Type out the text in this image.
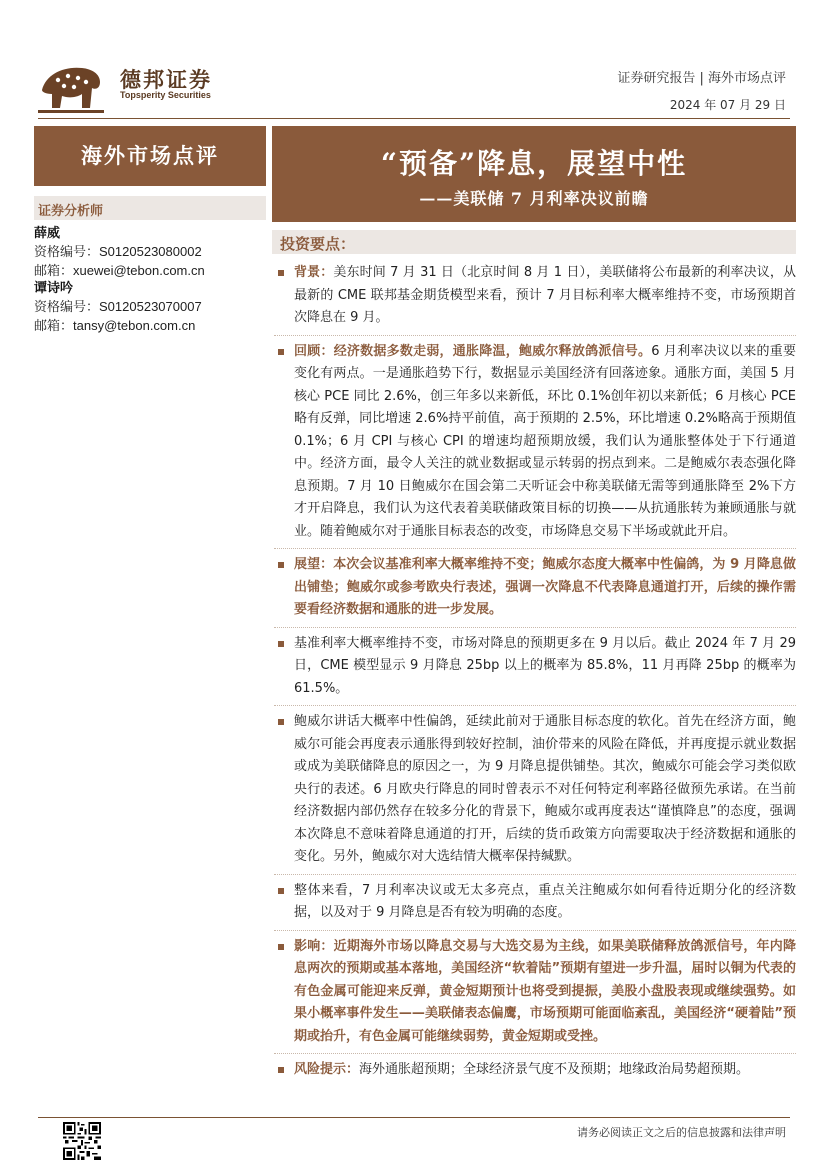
德邦证券
Topsperity Securities
证券研究报告 | 海外市场点评
2024 年 07 月 29 日
海外市场点评
证券分析师
薛威
资格编号：S0120523080002
邮箱：xuewei@tebon.com.cn
谭诗吟
资格编号：S0120523070007
邮箱：tansy@tebon.com.cn
“预备”降息，展望中性
——美联储 7 月利率决议前瞻
投资要点：
背景：美东时间 7 月 31 日（北京时间 8 月 1 日），美联储将公布最新的利率决议，从最新的 CME 联邦基金期货模型来看，预计 7 月目标利率大概率维持不变，市场预期首次降息在 9 月。
回顾：经济数据多数走弱，通胀降温，鲍威尔释放鸽派信号。6 月利率决议以来的重要变化有两点。一是通胀趋势下行，数据显示美国经济有回落迹象。通胀方面，美国 5 月核心 PCE 同比 2.6%，创三年多以来新低，环比 0.1%创年初以来新低；6 月核心 PCE 略有反弹，同比增速 2.6%持平前值，高于预期的 2.5%，环比增速 0.2%略高于预期值 0.1%；6 月 CPI 与核心 CPI 的增速均超预期放缓，我们认为通胀整体处于下行通道中。经济方面，最令人关注的就业数据或显示转弱的拐点到来。二是鲍威尔表态强化降息预期。7 月 10 日鲍威尔在国会第二天听证会中称美联储无需等到通胀降至 2%下方才开启降息，我们认为这代表着美联储政策目标的切换——从抗通胀转为兼顾通胀与就业。随着鲍威尔对于通胀目标表态的改变，市场降息交易下半场或就此开启。
展望：本次会议基准利率大概率维持不变；鲍威尔态度大概率中性偏鸽，为 9 月降息做出铺垫；鲍威尔或参考欧央行表述，强调一次降息不代表降息通道打开，后续的操作需要看经济数据和通胀的进一步发展。
基准利率大概率维持不变，市场对降息的预期更多在 9 月以后。截止 2024 年 7 月 29 日，CME 模型显示 9 月降息 25bp 以上的概率为 85.8%，11 月再降 25bp 的概率为 61.5%。
鲍威尔讲话大概率中性偏鸽，延续此前对于通胀目标态度的软化。首先在经济方面，鲍威尔可能会再度表示通胀得到较好控制，油价带来的风险在降低，并再度提示就业数据或成为美联储降息的原因之一，为 9 月降息提供铺垫。其次，鲍威尔可能会学习类似欧央行的表述。6 月欧央行降息的同时曾表示不对任何特定利率路径做预先承诺。在当前经济数据内部仍然存在较多分化的背景下，鲍威尔或再度表达“谨慎降息”的态度，强调本次降息不意味着降息通道的打开，后续的货币政策方向需要取决于经济数据和通胀的变化。另外，鲍威尔对大选结情大概率保持缄默。
整体来看，7 月利率决议或无太多亮点，重点关注鲍威尔如何看待近期分化的经济数据，以及对于 9 月降息是否有较为明确的态度。
影响：近期海外市场以降息交易与大选交易为主线，如果美联储释放鸽派信号，年内降息两次的预期或基本落地，美国经济“软着陆”预期有望进一步升温，届时以铜为代表的有色金属可能迎来反弹，黄金短期预计也将受到提振，美股小盘股表现或继续强势。如果小概率事件发生——美联储表态偏鹰，市场预期可能面临紊乱，美国经济“硬着陆”预期或抬升，有色金属可能继续弱势，黄金短期或受挫。
风险提示：海外通胀超预期；全球经济景气度不及预期；地缘政治局势超预期。
请务必阅读正文之后的信息披露和法律声明
